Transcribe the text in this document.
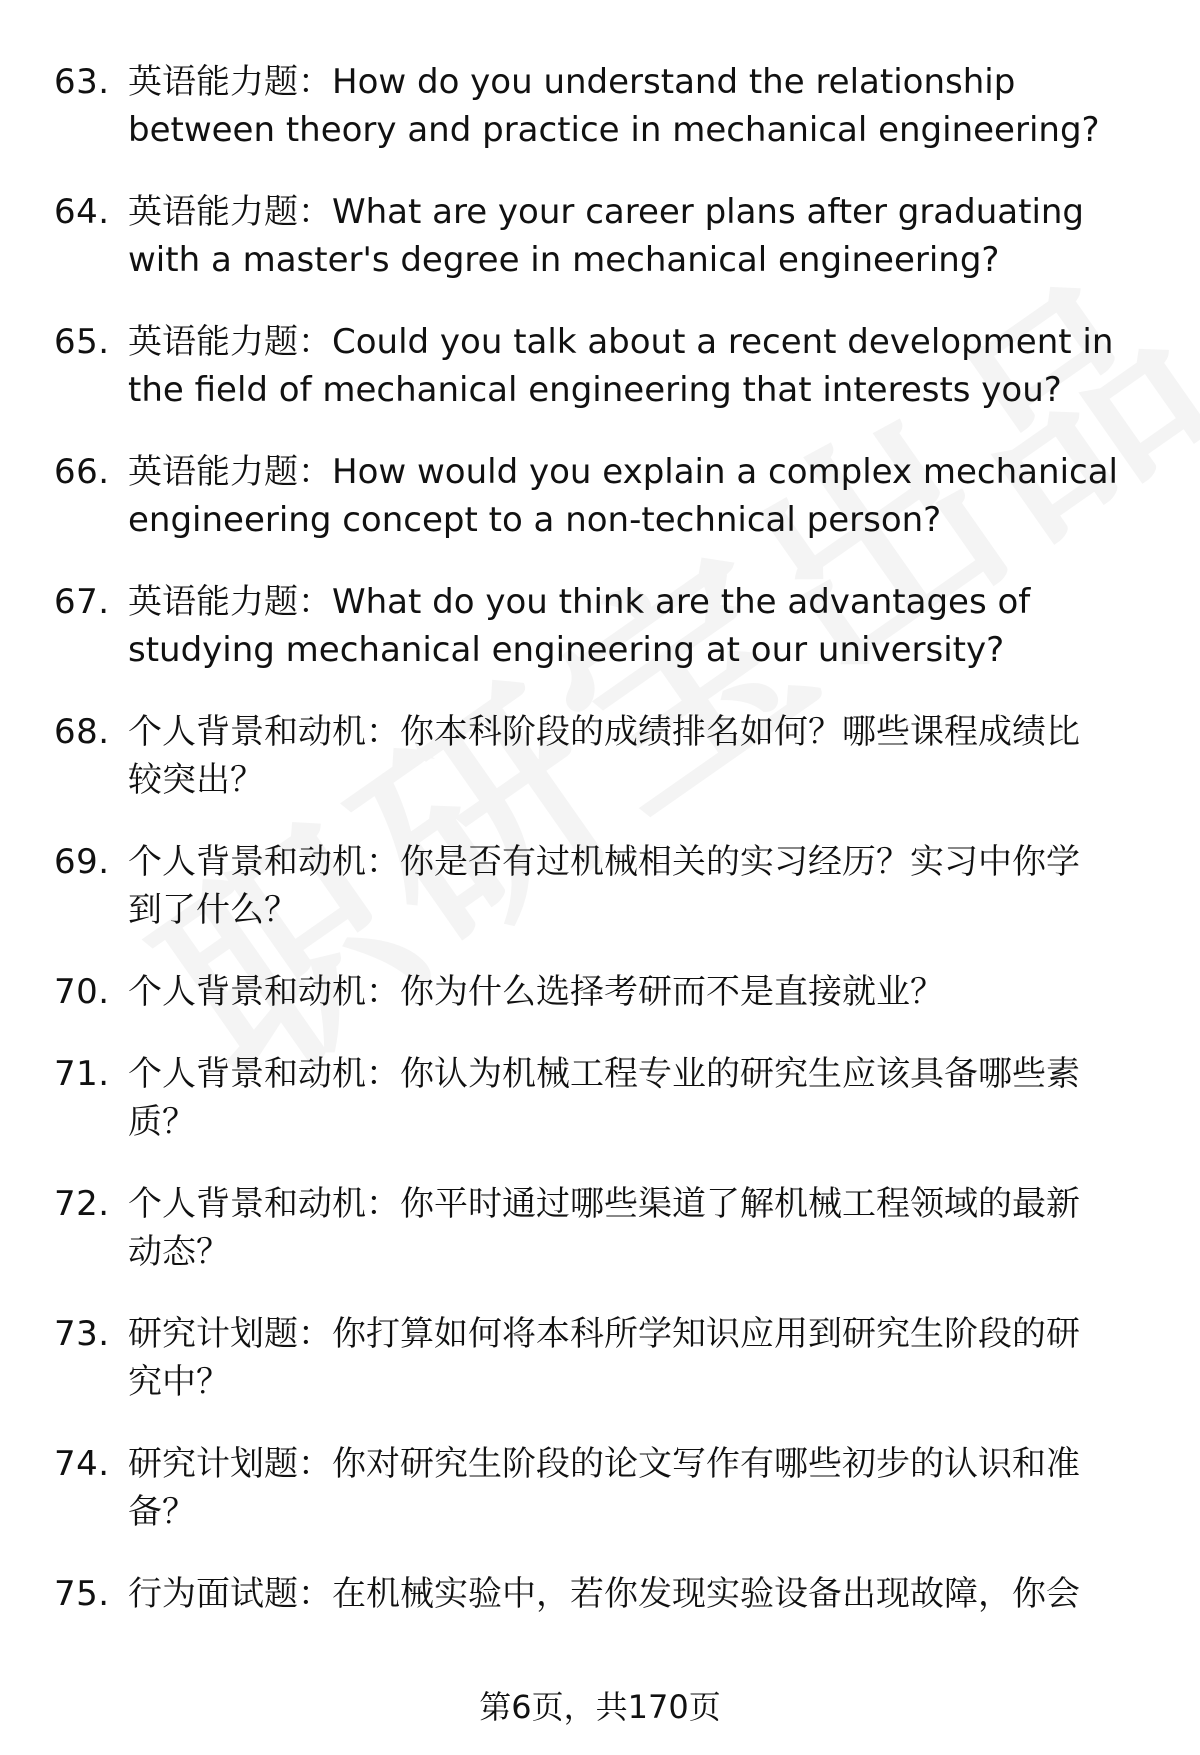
63. 英语能力题：How do you understand the relationship
between theory and practice in mechanical engineering?
64. 英语能力题：What are your career plans after graduating
with a master's degree in mechanical engineering?
65. 英语能力题：Could you talk about a recent development in
the field of mechanical engineering that interests you?
66. 英语能力题：How would you explain a complex mechanical
engineering concept to a non-technical person?
67. 英语能力题：What do you think are the advantages of
studying mechanical engineering at our university?
68. 个人背景和动机：你本科阶段的成绩排名如何？哪些课程成绩比
较突出？
69. 个人背景和动机：你是否有过机械相关的实习经历？实习中你学
到了什么？
70. 个人背景和动机：你为什么选择考研而不是直接就业？
71. 个人背景和动机：你认为机械工程专业的研究生应该具备哪些素
质？
72. 个人背景和动机：你平时通过哪些渠道了解机械工程领域的最新
动态？
73. 研究计划题：你打算如何将本科所学知识应用到研究生阶段的研
究中？
74. 研究计划题：你对研究生阶段的论文写作有哪些初步的认识和准
备？
75. 行为面试题：在机械实验中，若你发现实验设备出现故障，你会
第6页，共170页
